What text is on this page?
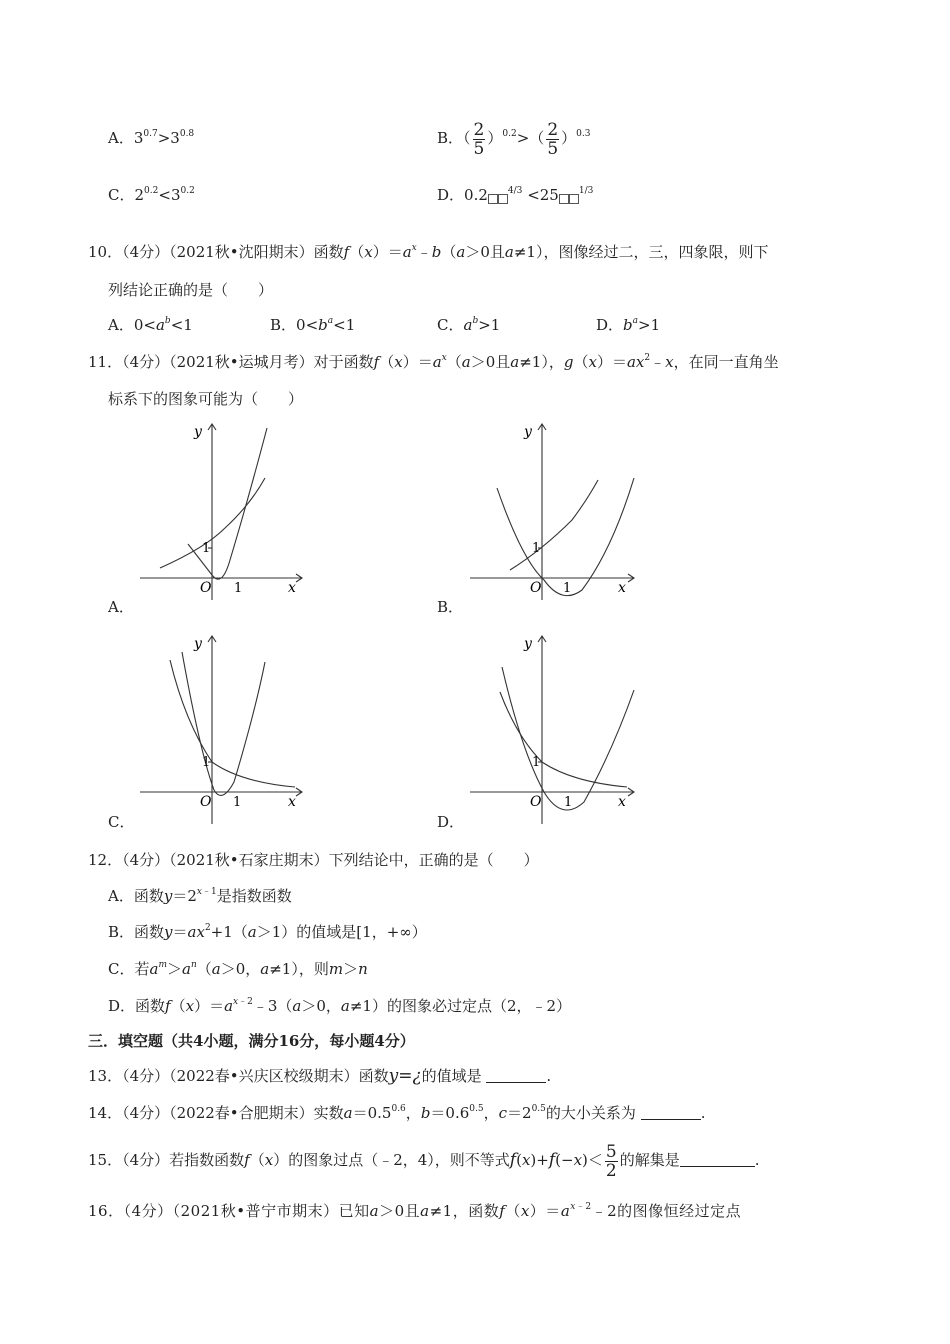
A．$3^{0.7}>3^{0.8}$	B．（ $\frac{2}{5} )^{0.2}>( \frac{2}{5} )^{0.3}$
C．$2^{0.2}<3^{0.2}$	D．0.2 $^{4/3}$ <25 $^{1/3}$
10．（4分）（2021秋•沈阳期末）函数$f(x)=a^x﹣b(a>0$且a≠1），图像经过二，三，四象限，则下
列结论正确的是（　　）
A．$0<a^b<1$	B．$0<b^a<1$	C．$a^b>1$	D．$b^a>1$
11．（4分）（2021秋•运城月考）对于函数$f(x)=a^x(a>0$且a≠1），$g(x)=ax^2﹣x$，在同一直角坐
标系下的图象可能为（　　）
y
x
O
1
1
A．
y
x
O
1
1
B．
y
x
O
1
1
C．
y
x
O
1
1
D．
12．（4分）（2021秋•石家庄期末）下列结论中，正确的是（　　）
A．函数$y=2^{x﹣1}$是指数函数
B．函数$y=ax^2+1(a>1)$的值域是[1，+∞）
C．若$a^m>a^n(a>0$，a≠1），则m＞n
D．函数$f(x)=a^{x﹣2}﹣3(a>0$，a≠1）的图象必过定点（2，﹣2）
三．填空题（共4小题，满分16分，每小题4分）
13．（4分）（2022春•兴庆区校级期末）函数y=¿的值域是	.
14．（4分）（2022春•合肥期末）实数$a=0.5^{0.6}$，$b=0.6^{0.5}$，$c=2^{0.5}$的大小关系为	.
15．（4分）若指数函数f（x）的图象过点（﹣2，4），则不等式$f(x)+f(-x)< \frac{5}{2}$ 的解集是	.
16．（4分）（2021秋•普宁市期末）已知a＞0且a≠1，函数$f(x)=a^{x﹣2}﹣2$的图像恒经过定点
